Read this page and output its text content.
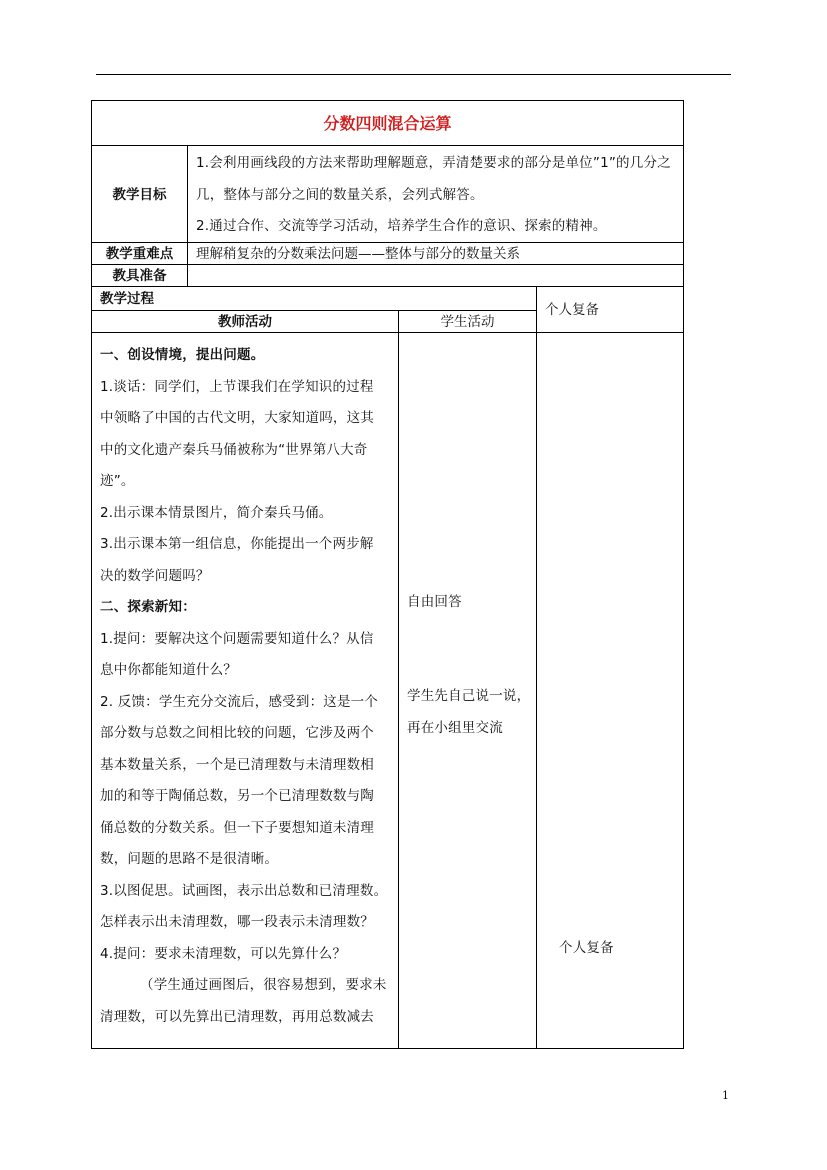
分数四则混合运算
教学目标
1.会利用画线段的方法来帮助理解题意，弄清楚要求的部分是单位”1”的几分之几，整体与部分之间的数量关系，会列式解答。
2.通过合作、交流等学习活动，培养学生合作的意识、探索的精神。
教学重难点	理解稍复杂的分数乘法问题——整体与部分的数量关系
教具准备
教学过程
个人复备
教师活动	学生活动
一、创设情境，提出问题。
1.谈话：同学们，上节课我们在学知识的过程
中领略了中国的古代文明，大家知道吗，这其
中的文化遗产秦兵马俑被称为“世界第八大奇
迹”。
2.出示课本情景图片，简介秦兵马俑。
3.出示课本第一组信息，你能提出一个两步解
决的数学问题吗？
二、探索新知：
1.提问：要解决这个问题需要知道什么？从信
息中你都能知道什么？
2. 反馈：学生充分交流后，感受到：这是一个
部分数与总数之间相比较的问题，它涉及两个
基本数量关系，一个是已清理数与未清理数相
加的和等于陶俑总数，另一个已清理数数与陶
俑总数的分数关系。但一下子要想知道未清理
数，问题的思路不是很清晰。
3.以图促思。试画图，表示出总数和已清理数。
怎样表示出未清理数，哪一段表示未清理数？
4.提问：要求未清理数，可以先算什么？
（学生通过画图后，很容易想到，要求未
清理数，可以先算出已清理数，再用总数减去
自由回答
学生先自己说一说，
再在小组里交流
个人复备
1
